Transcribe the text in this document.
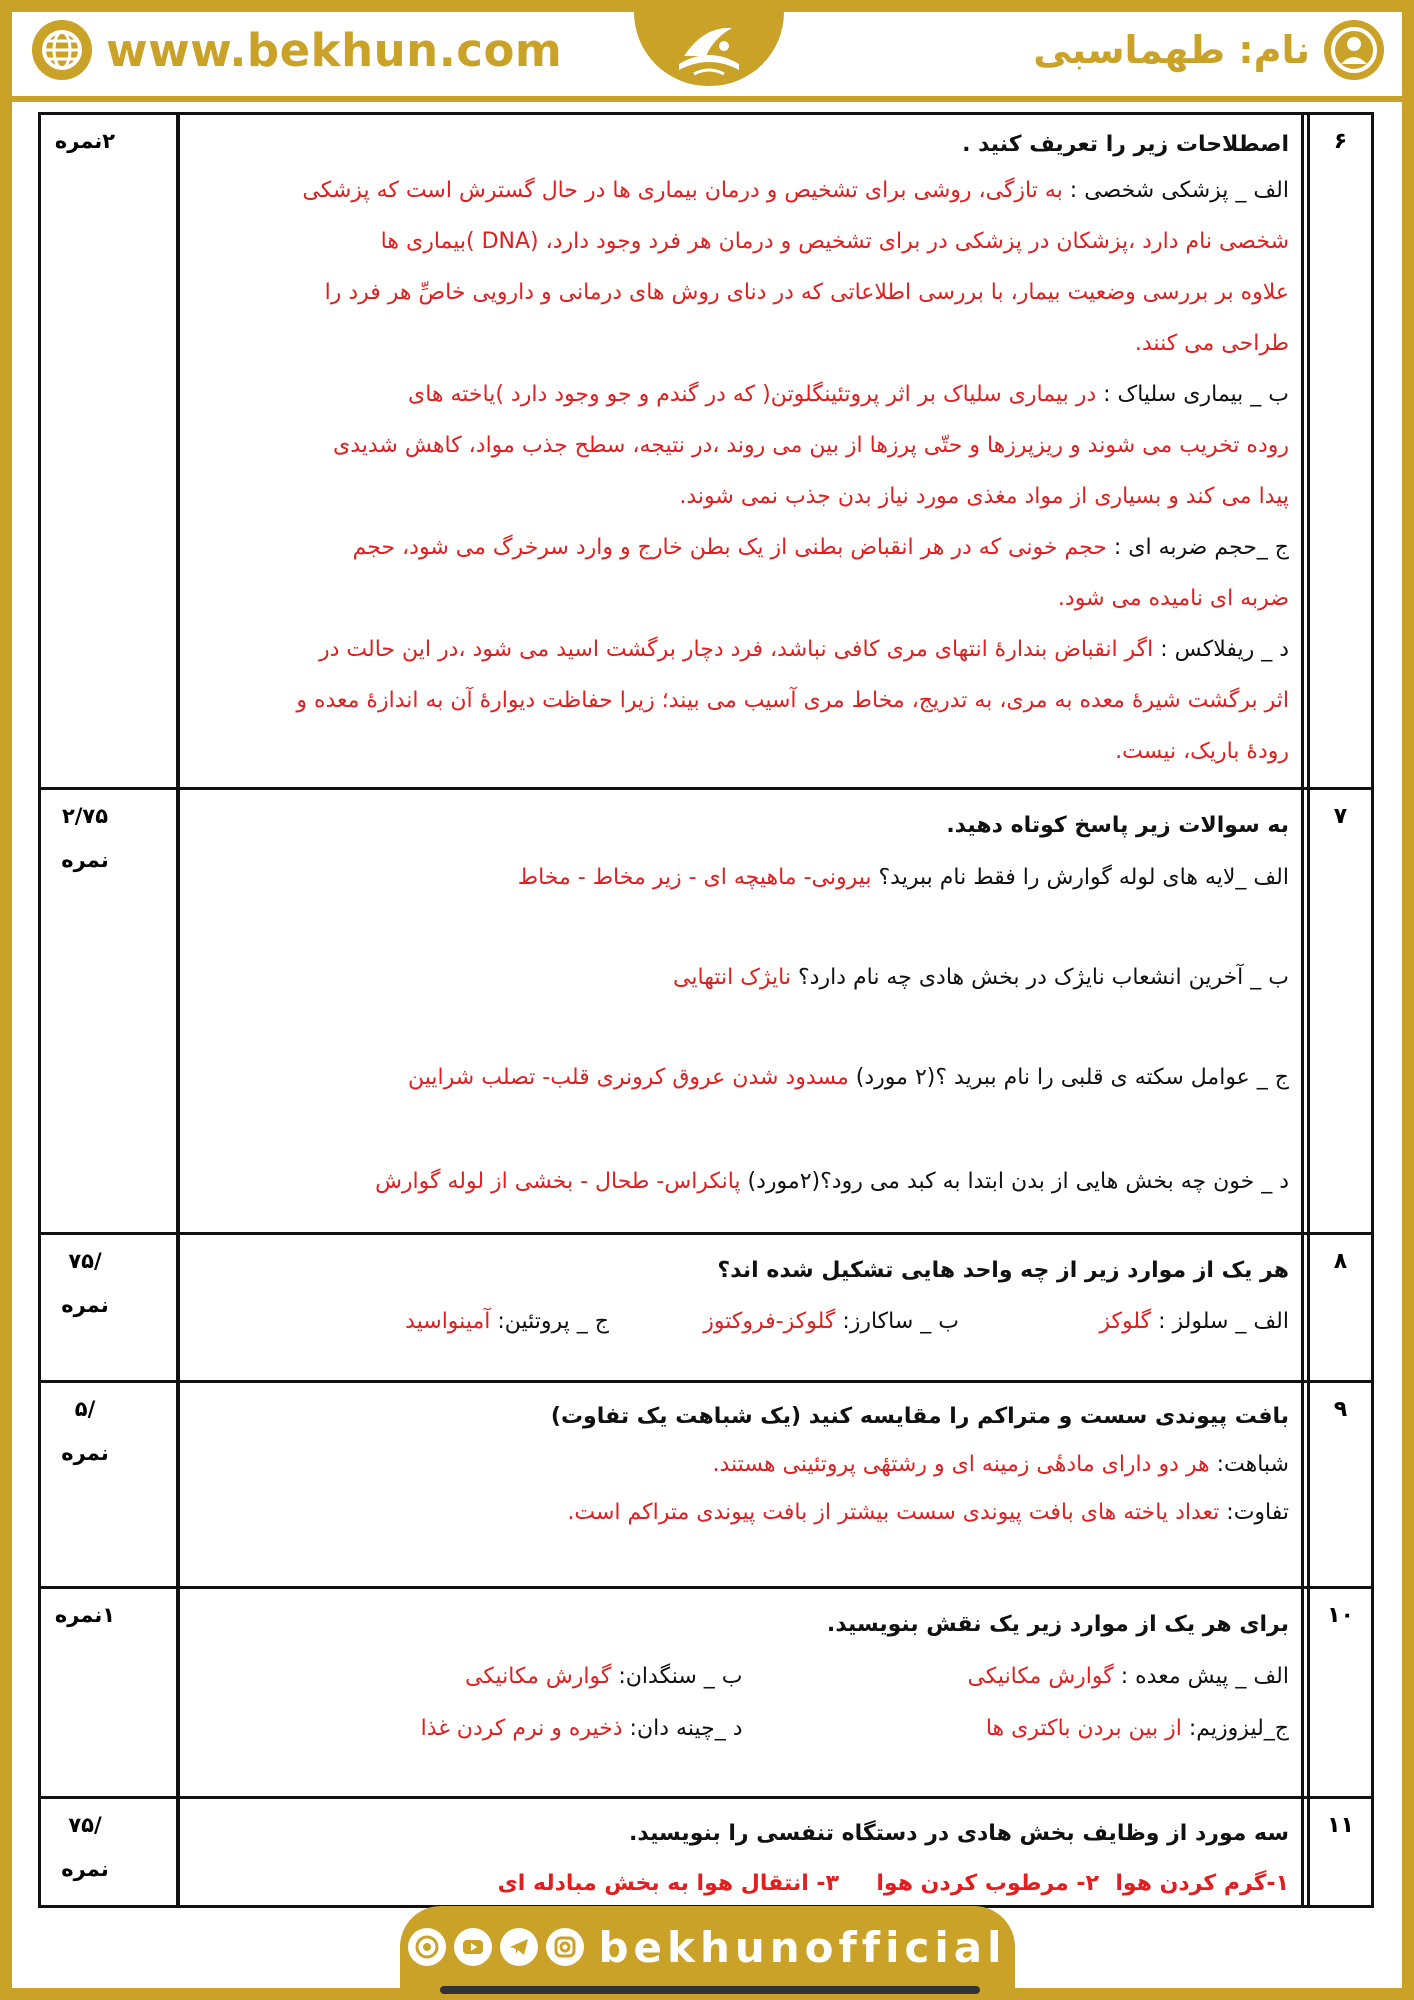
www.bekhun.com	نام: طهماسبی
۶
اصطلاحات زیر را تعریف کنید .
الف _ پزشکی شخصی : به تازگی، روشی برای تشخیص و درمان بیماری ها در حال گسترش است که پزشکی
شخصی نام دارد ،پزشکان در پزشکی در برای تشخیص و درمان هر فرد وجود دارد، (DNA )بیماری ها
علاوه بر بررسی وضعیت بیمار، با بررسی اطلاعاتی که در دنای روش های درمانی و دارویی خاصِّ هر فرد را
طراحی می کنند.
ب _ بیماری سلیاک : در بیماری سلیاک بر اثر پروتئینگلوتن( که در گندم و جو وجود دارد )یاخته های
روده تخریب می شوند و ریزپرزها و حتّی پرزها از بین می روند ،در نتیجه، سطح جذب مواد، کاهش شدیدی
پیدا می کند و بسیاری از مواد مغذی مورد نیاز بدن جذب نمی شوند.
ج _حجم ضربه ای : حجم خونی که در هر انقباض بطنی از یک بطن خارج و وارد سرخرگ می شود، حجم
ضربه ای نامیده می شود.
د _ ریفلاکس : اگر انقباض بندارهٔ انتهای مری کافی نباشد، فرد دچار برگشت اسید می شود ،در این حالت در
اثر برگشت شیرهٔ معده به مری، به تدریج، مخاط مری آسیب می بیند؛ زیرا حفاظت دیوارهٔ آن به اندازهٔ معده و
رودهٔ باریک، نیست.
۲نمره
۷
به سوالات زیر پاسخ کوتاه دهید.
الف _لایه های لوله گوارش را فقط نام ببرید؟ بیرونی- ماهیچه ای - زیر مخاط - مخاط
ب _ آخرین انشعاب نایژک در بخش هادی چه نام دارد؟ نایژک انتهایی
ج _ عوامل سکته ی قلبی را نام ببرید ؟(۲ مورد) مسدود شدن عروق کرونری قلب- تصلب شرایین
د _ خون چه بخش هایی از بدن ابتدا به کبد می رود؟(۲مورد) پانکراس- طحال - بخشی از لوله گوارش
۲/۷۵
نمره
۸
هر یک از موارد زیر از چه واحد هایی تشکیل شده اند؟
الف _ سلولز : گلوکز
ب _ ساکارز: گلوکز-فروکتوز
ج _ پروتئین: آمینواسید
/۷۵
نمره
۹
بافت پیوندی سست و متراکم را مقایسه کنید (یک شباهت یک تفاوت)
شباهت: هر دو دارای مادهٔی زمینه ای و رشتهٔی پروتئینی هستند.
تفاوت: تعداد یاخته های بافت پیوندی سست بیشتر از بافت پیوندی متراکم است.
/۵
نمره
۱۰
برای هر یک از موارد زیر یک نقش بنویسید.
الف _ پیش معده : گوارش مکانیکی
ب _ سنگدان: گوارش مکانیکی
ج_لیزوزیم: از بین بردن باکتری ها
د _چینه دان: ذخیره و نرم کردن غذا
۱نمره
۱۱
سه مورد از وظایف بخش هادی در دستگاه تنفسی را بنویسید.
۱-گرم کردن هوا
۲- مرطوب کردن هوا
۳- انتقال هوا به بخش مبادله ای
/۷۵
نمره
bekhunofficial
